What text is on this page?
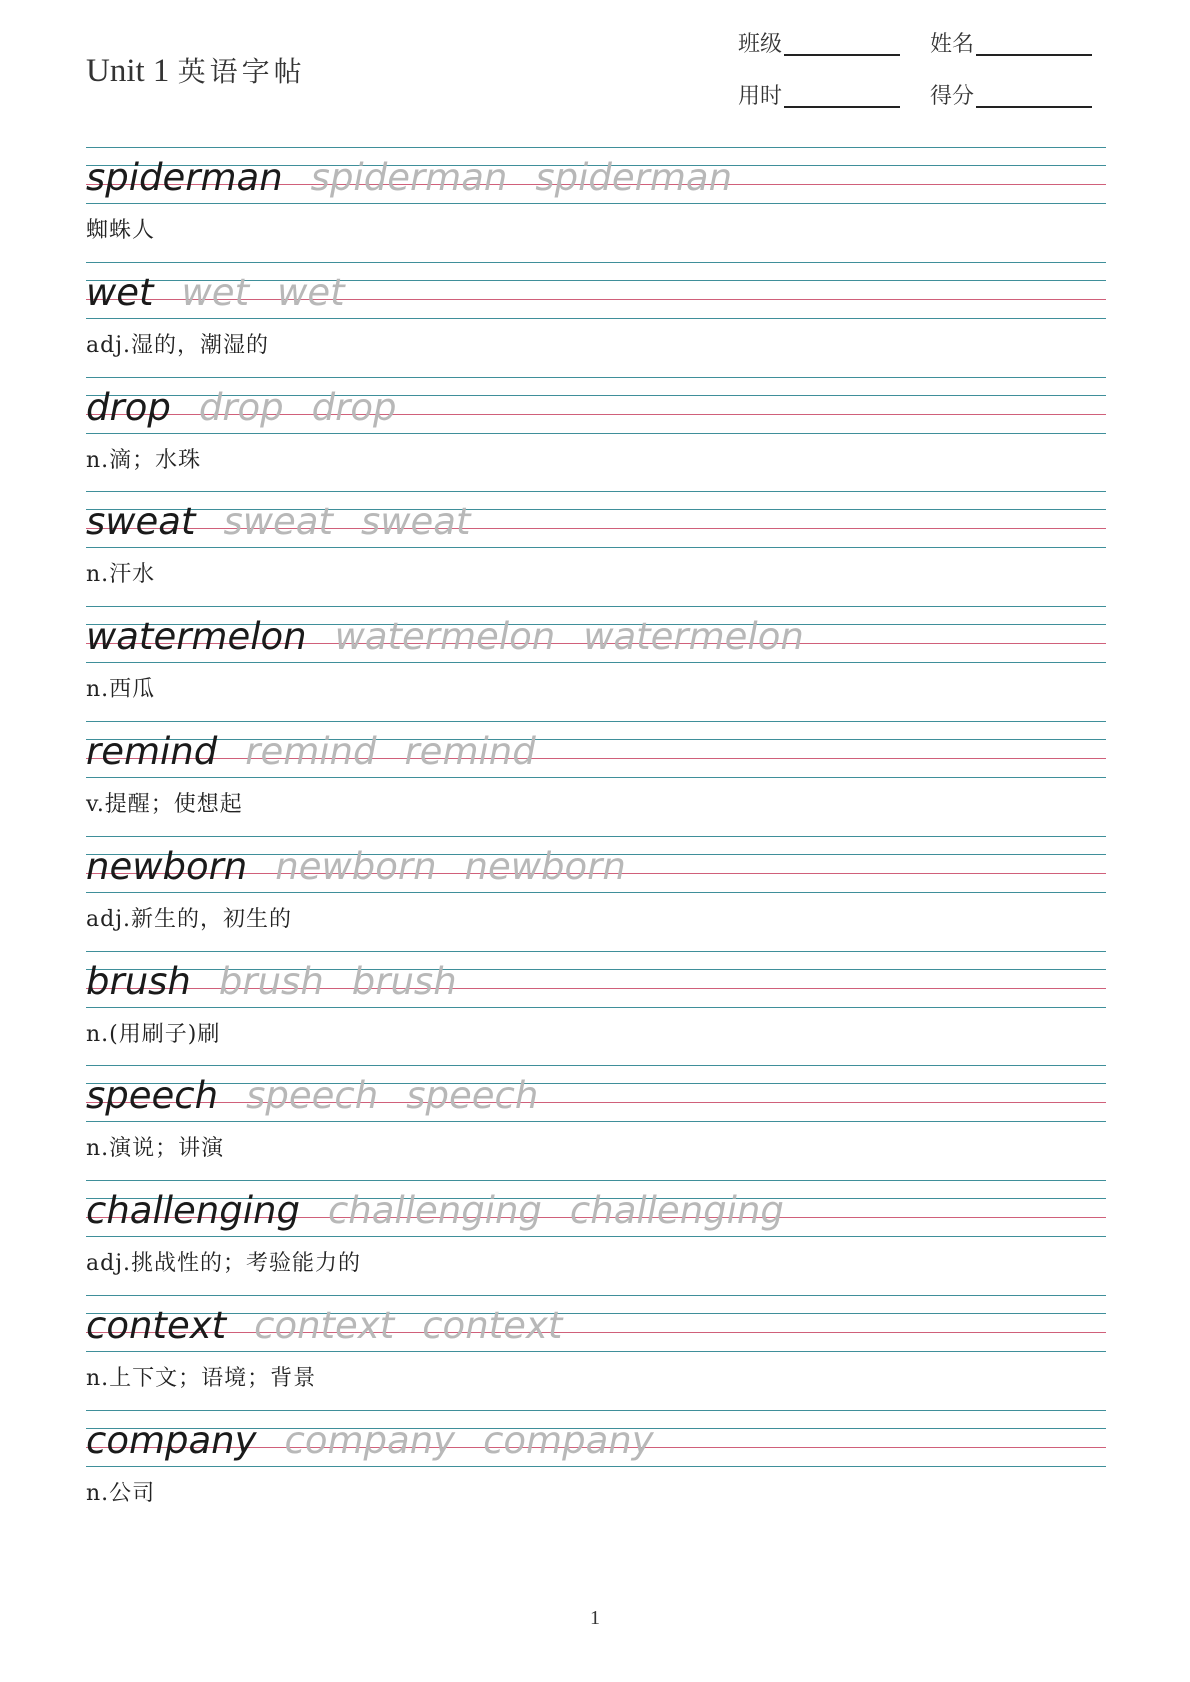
Unit 1 英语字帖
班级	姓名
用时	得分
spiderman spiderman spiderman
蜘蛛人
wet wet wet
adj.湿的，潮湿的
drop drop drop
n.滴；水珠
sweat sweat sweat
n.汗水
watermelon watermelon watermelon
n.西瓜
remind remind remind
v.提醒；使想起
newborn newborn newborn
adj.新生的，初生的
brush brush brush
n.(用刷子)刷
speech speech speech
n.演说；讲演
challenging challenging challenging
adj.挑战性的；考验能力的
context context context
n.上下文；语境；背景
company company company
n.公司
1
